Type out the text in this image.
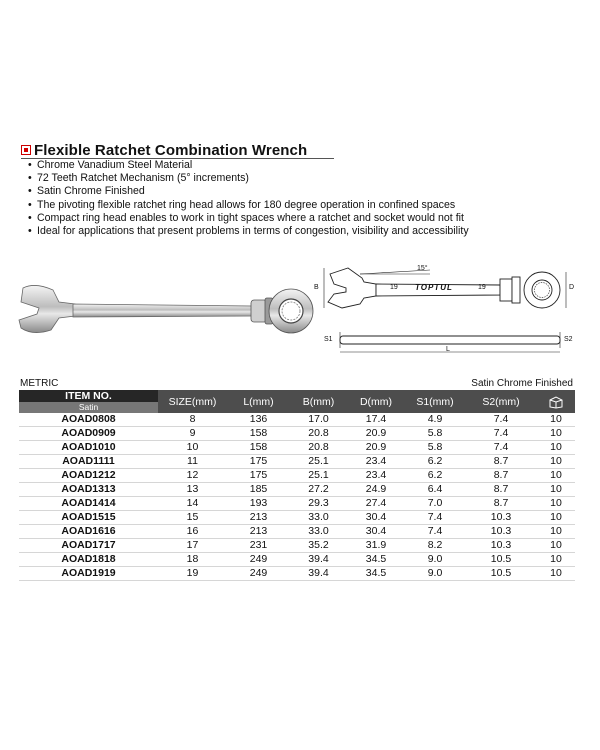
Flexible Ratchet Combination Wrench
• Chrome Vanadium Steel Material
• 72 Teeth Ratchet Mechanism (5° increments)
• Satin Chrome Finished
• The pivoting flexible ratchet ring head allows for 180 degree operation in confined spaces
• Compact ring head enables to work in tight spaces where a ratchet and socket would not fit
• Ideal for applications that present problems in terms of congestion, visibility and accessibility
15°
19 TOPTUL	19
B	D
S1	S2
L
METRIC	Satin Chrome Finished
ITEM NO.
Satin	SIZE(mm)	L(mm)	B(mm)	D(mm)	S1(mm)	S2(mm)	
AOAD0808	8	136	17.0	17.4	4.9	7.4	10
AOAD0909	9	158	20.8	20.9	5.8	7.4	10
AOAD1010	10	158	20.8	20.9	5.8	7.4	10
AOAD1111	11	175	25.1	23.4	6.2	8.7	10
AOAD1212	12	175	25.1	23.4	6.2	8.7	10
AOAD1313	13	185	27.2	24.9	6.4	8.7	10
AOAD1414	14	193	29.3	27.4	7.0	8.7	10
AOAD1515	15	213	33.0	30.4	7.4	10.3	10
AOAD1616	16	213	33.0	30.4	7.4	10.3	10
AOAD1717	17	231	35.2	31.9	8.2	10.3	10
AOAD1818	18	249	39.4	34.5	9.0	10.5	10
AOAD1919	19	249	39.4	34.5	9.0	10.5	10
